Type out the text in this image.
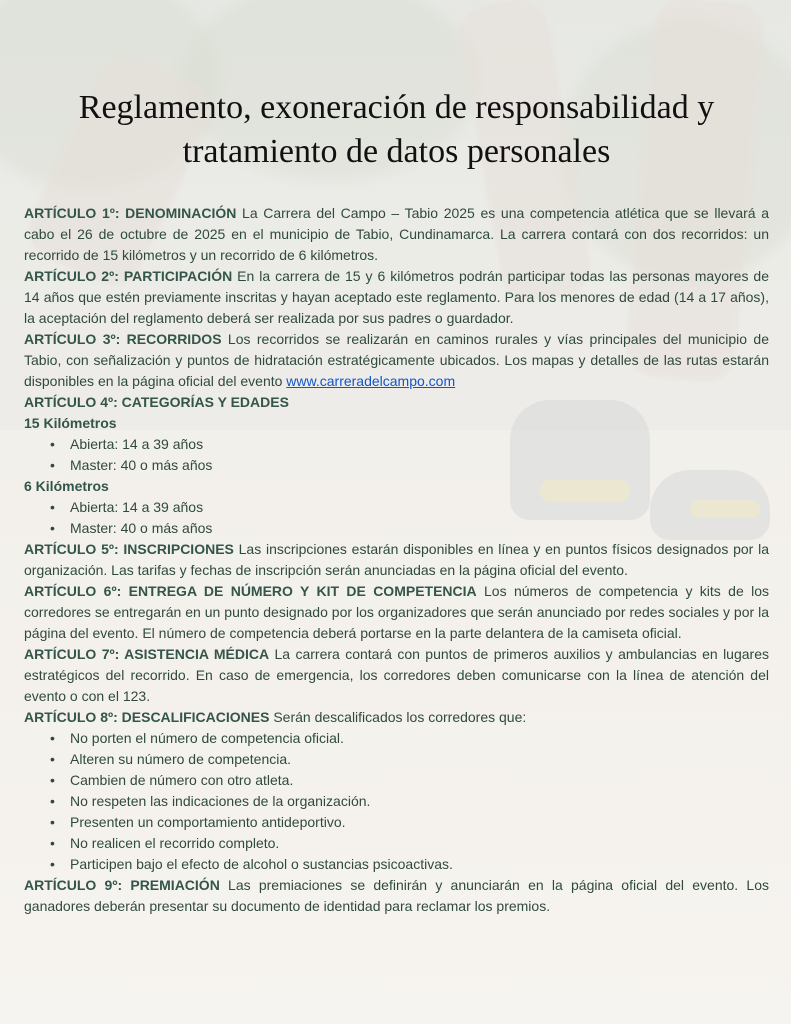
Reglamento, exoneración de responsabilidad y tratamiento de datos personales

ARTÍCULO 1º: DENOMINACIÓN La Carrera del Campo – Tabio 2025 es una competencia atlética que se llevará a cabo el 26 de octubre de 2025 en el municipio de Tabio, Cundinamarca. La carrera contará con dos recorridos: un recorrido de 15 kilómetros y un recorrido de 6 kilómetros.

ARTÍCULO 2º: PARTICIPACIÓN En la carrera de 15 y 6 kilómetros podrán participar todas las personas mayores de 14 años que estén previamente inscritas y hayan aceptado este reglamento. Para los menores de edad (14 a 17 años), la aceptación del reglamento deberá ser realizada por sus padres o guardador.

ARTÍCULO 3º: RECORRIDOS Los recorridos se realizarán en caminos rurales y vías principales del municipio de Tabio, con señalización y puntos de hidratación estratégicamente ubicados. Los mapas y detalles de las rutas estarán disponibles en la página oficial del evento www.carreradelcampo.com

ARTÍCULO 4º: CATEGORÍAS Y EDADES

15 Kilómetros
• Abierta: 14 a 39 años
• Master: 40 o más años
6 Kilómetros
• Abierta: 14 a 39 años
• Master: 40 o más años

ARTÍCULO 5º: INSCRIPCIONES Las inscripciones estarán disponibles en línea y en puntos físicos designados por la organización. Las tarifas y fechas de inscripción serán anunciadas en la página oficial del evento.

ARTÍCULO 6º: ENTREGA DE NÚMERO Y KIT DE COMPETENCIA Los números de competencia y kits de los corredores se entregarán en un punto designado por los organizadores que serán anunciado por redes sociales y por la página del evento. El número de competencia deberá portarse en la parte delantera de la camiseta oficial.

ARTÍCULO 7º: ASISTENCIA MÉDICA La carrera contará con puntos de primeros auxilios y ambulancias en lugares estratégicos del recorrido. En caso de emergencia, los corredores deben comunicarse con la línea de atención del evento o con el 123.

ARTÍCULO 8º: DESCALIFICACIONES Serán descalificados los corredores que:

• No porten el número de competencia oficial.
• Alteren su número de competencia.
• Cambien de número con otro atleta.
• No respeten las indicaciones de la organización.
• Presenten un comportamiento antideportivo.
• No realicen el recorrido completo.
• Participen bajo el efecto de alcohol o sustancias psicoactivas.

ARTÍCULO 9º: PREMIACIÓN Las premiaciones se definirán y anunciarán en la página oficial del evento. Los ganadores deberán presentar su documento de identidad para reclamar los premios.
